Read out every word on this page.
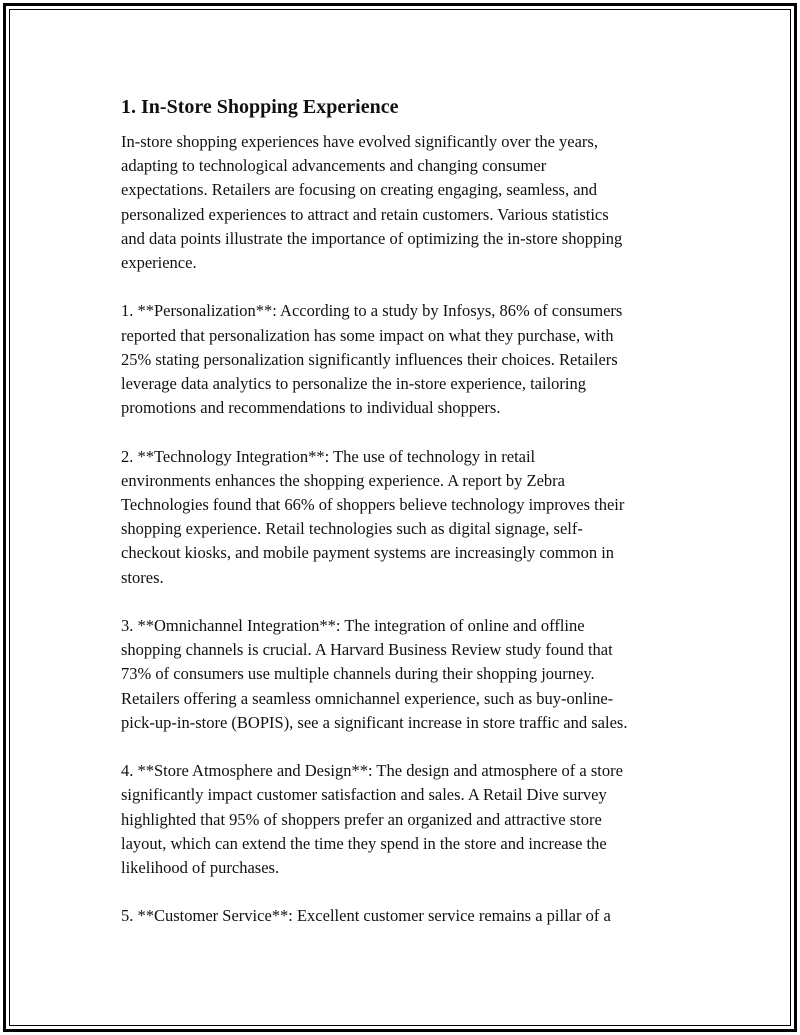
1. In-Store Shopping Experience
In-store shopping experiences have evolved significantly over the years,
adapting to technological advancements and changing consumer
expectations. Retailers are focusing on creating engaging, seamless, and
personalized experiences to attract and retain customers. Various statistics
and data points illustrate the importance of optimizing the in-store shopping
experience.
1. **Personalization**: According to a study by Infosys, 86% of consumers
reported that personalization has some impact on what they purchase, with
25% stating personalization significantly influences their choices. Retailers
leverage data analytics to personalize the in-store experience, tailoring
promotions and recommendations to individual shoppers.
2. **Technology Integration**: The use of technology in retail
environments enhances the shopping experience. A report by Zebra
Technologies found that 66% of shoppers believe technology improves their
shopping experience. Retail technologies such as digital signage, self-
checkout kiosks, and mobile payment systems are increasingly common in
stores.
3. **Omnichannel Integration**: The integration of online and offline
shopping channels is crucial. A Harvard Business Review study found that
73% of consumers use multiple channels during their shopping journey.
Retailers offering a seamless omnichannel experience, such as buy-online-
pick-up-in-store (BOPIS), see a significant increase in store traffic and sales.
4. **Store Atmosphere and Design**: The design and atmosphere of a store
significantly impact customer satisfaction and sales. A Retail Dive survey
highlighted that 95% of shoppers prefer an organized and attractive store
layout, which can extend the time they spend in the store and increase the
likelihood of purchases.
5. **Customer Service**: Excellent customer service remains a pillar of a
